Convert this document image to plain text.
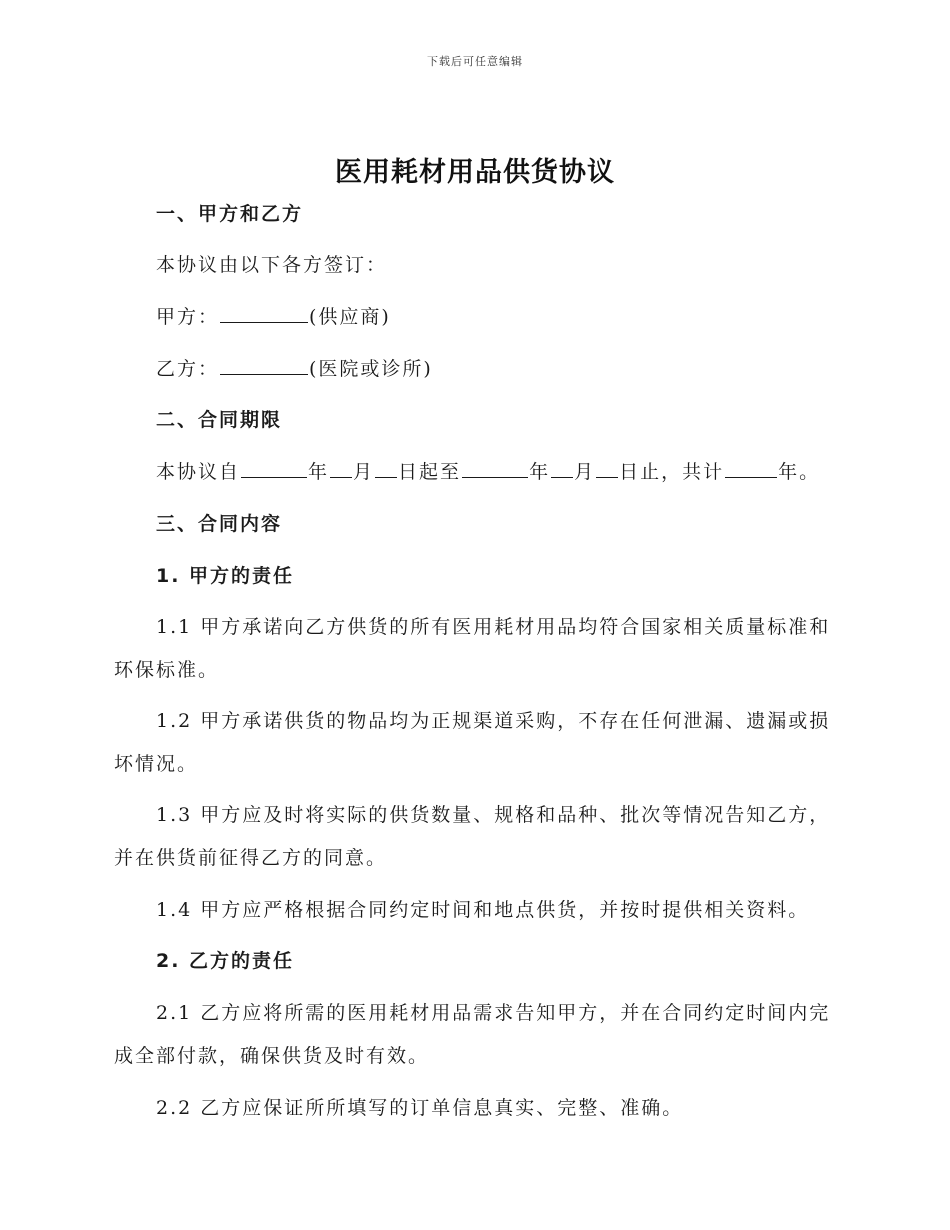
下载后可任意编辑
医用耗材用品供货协议
一、甲方和乙方
本协议由以下各方签订：
甲方：	(供应商)
乙方：	(医院或诊所)
二、合同期限
本协议自	年 月 日起至	年 月 日止，共计	年。
三、合同内容
1. 甲方的责任
1.1 甲方承诺向乙方供货的所有医用耗材用品均符合国家相关质量标准和
环保标准。
1.2 甲方承诺供货的物品均为正规渠道采购，不存在任何泄漏、遗漏或损
坏情况。
1.3 甲方应及时将实际的供货数量、规格和品种、批次等情况告知乙方，
并在供货前征得乙方的同意。
1.4 甲方应严格根据合同约定时间和地点供货，并按时提供相关资料。
2. 乙方的责任
2.1 乙方应将所需的医用耗材用品需求告知甲方，并在合同约定时间内完
成全部付款，确保供货及时有效。
2.2 乙方应保证所所填写的订单信息真实、完整、准确。
